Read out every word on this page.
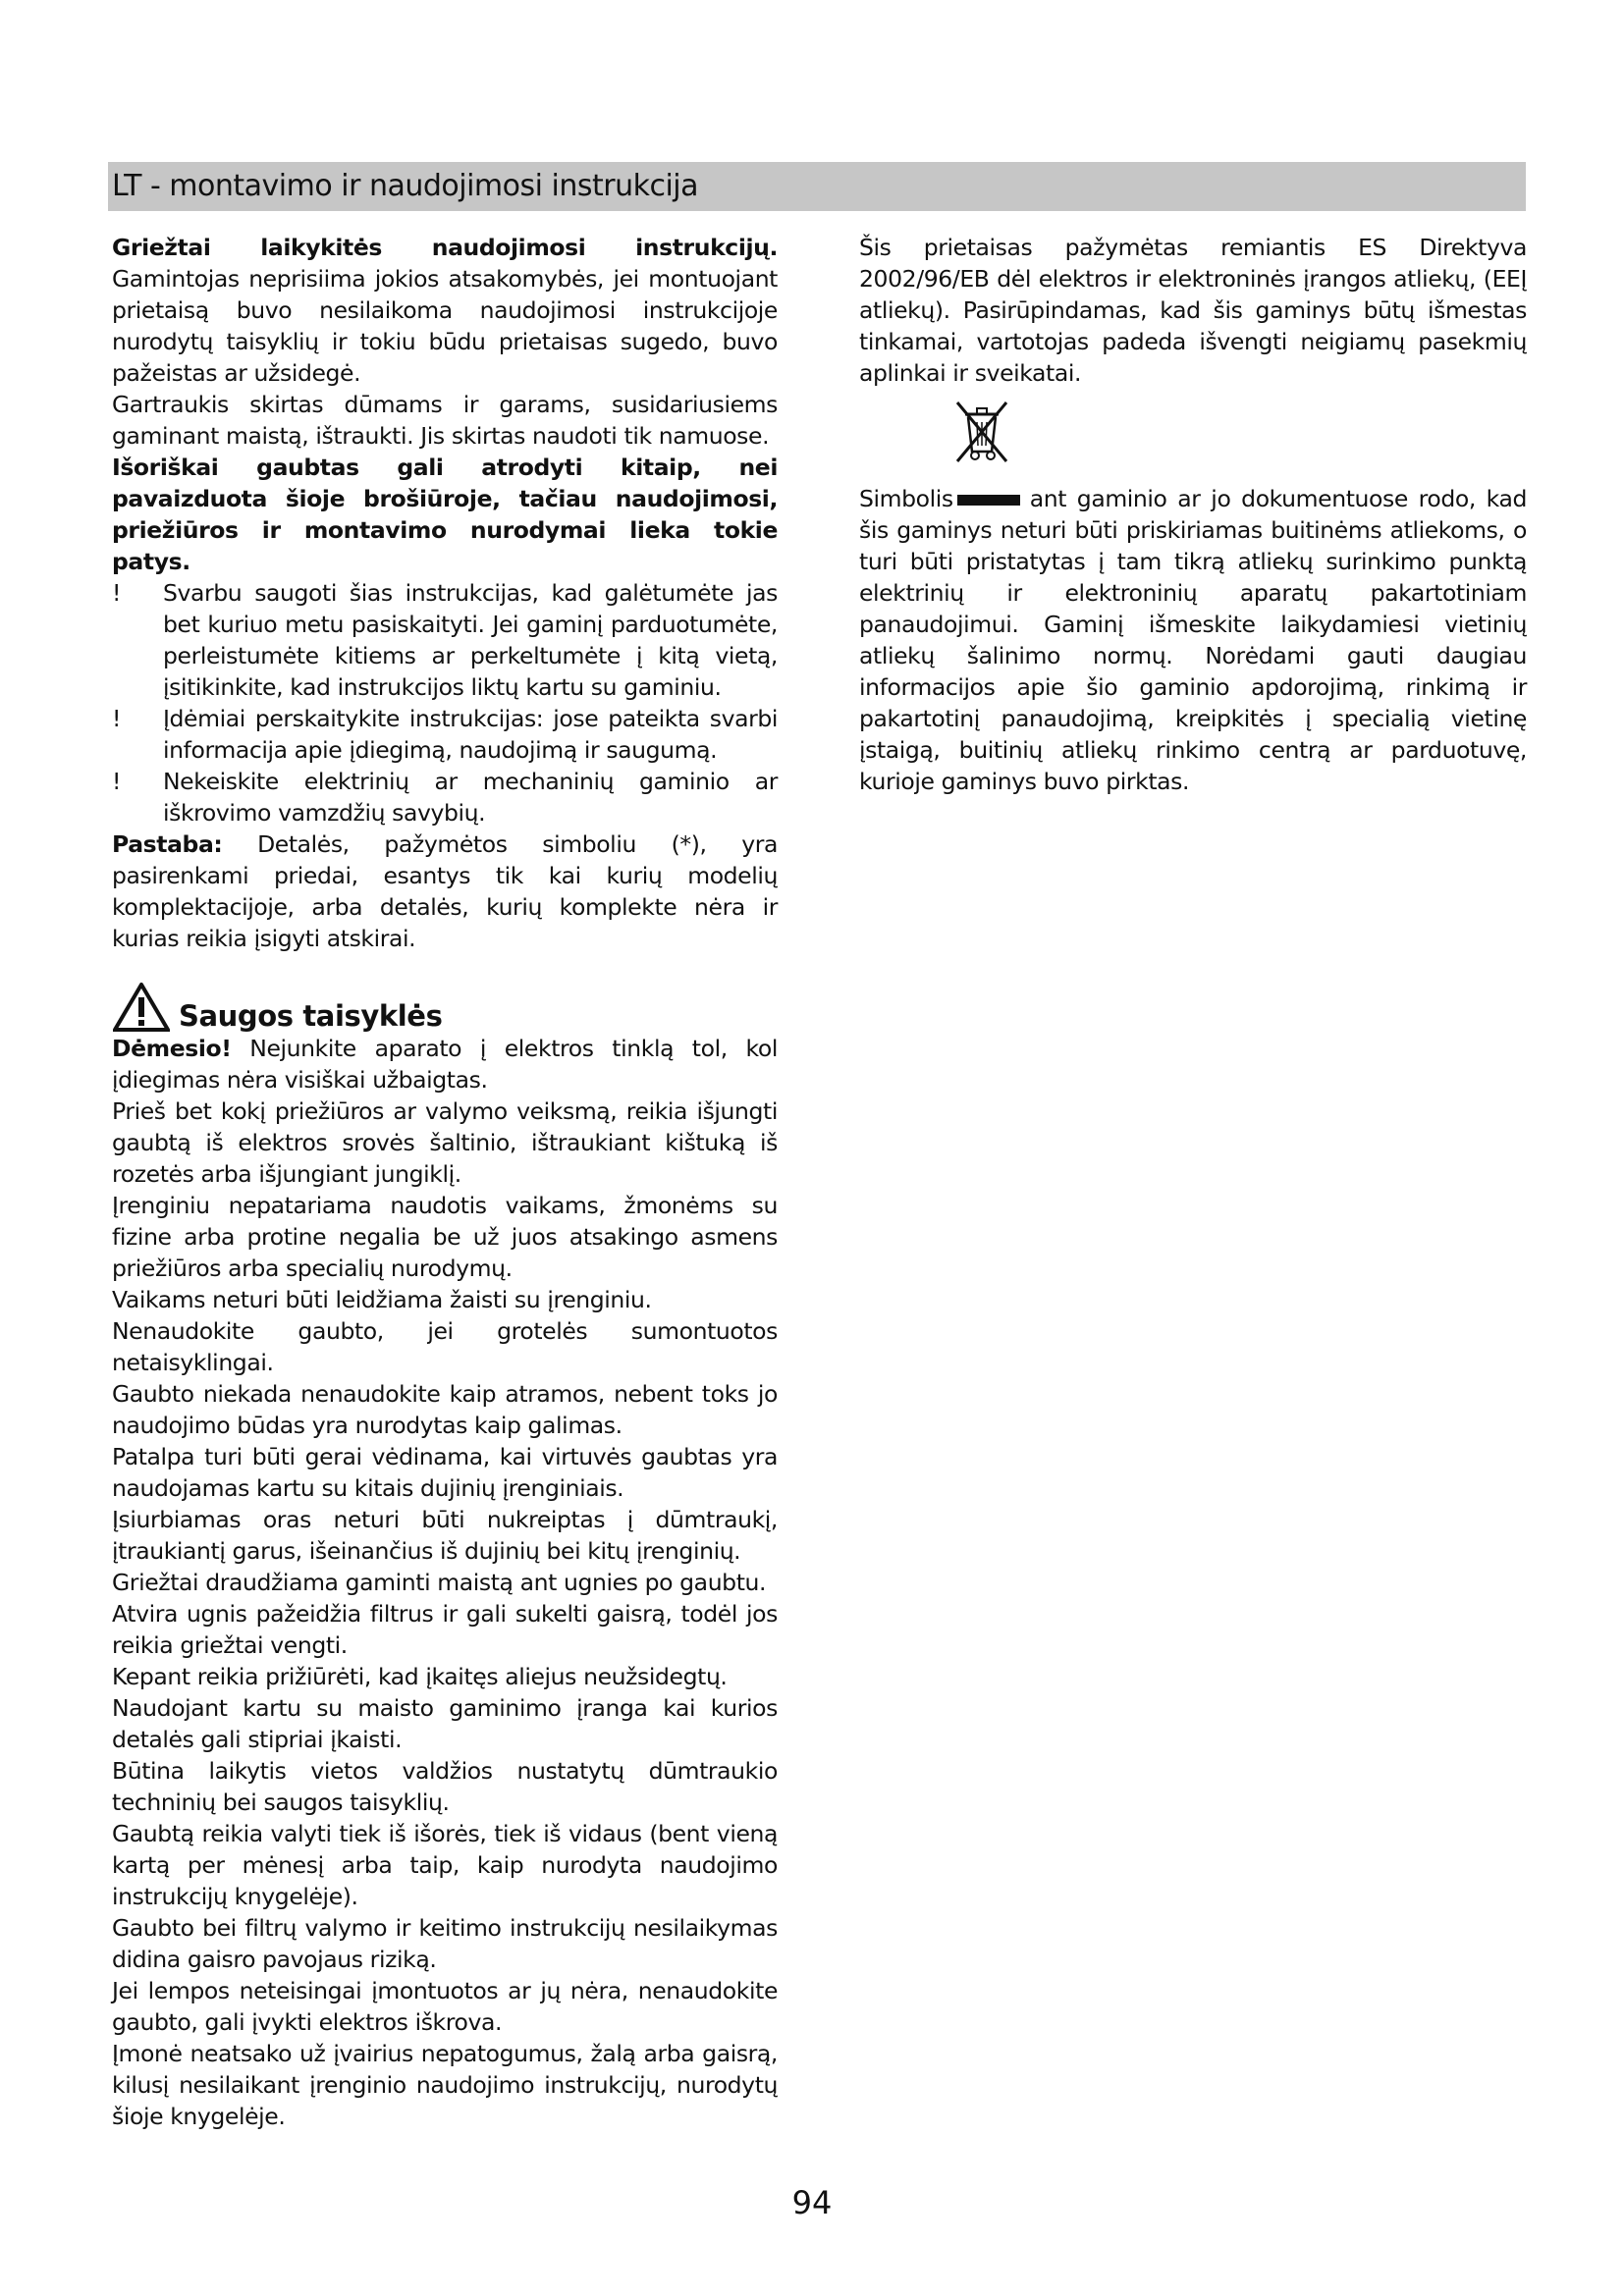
LT - montavimo ir naudojimosi instrukcija

Griežtai laikykitės naudojimosi instrukcijų. Gamintojas neprisiima jokios atsakomybės, jei montuojant prietaisą buvo nesilaikoma naudojimosi instrukcijoje nurodytų taisyklių ir tokiu būdu prietaisas sugedo, buvo pažeistas ar užsidegė.

Gartraukis skirtas dūmams ir garams, susidariusiems gaminant maistą, ištraukti. Jis skirtas naudoti tik namuose.

Išoriškai gaubtas gali atrodyti kitaip, nei pavaizduota šioje brošiūroje, tačiau naudojimosi, priežiūros ir montavimo nurodymai lieka tokie patys.

!	Svarbu saugoti šias instrukcijas, kad galėtumėte jas bet kuriuo metu pasiskaityti. Jei gaminį parduotumėte, perleistumėte kitiems ar perkeltumėte į kitą vietą, įsitikinkite, kad instrukcijos liktų kartu su gaminiu.
!	Įdėmiai perskaitykite instrukcijas: jose pateikta svarbi informacija apie įdiegimą, naudojimą ir saugumą.
!	Nekeiskite elektrinių ar mechaninių gaminio ar iškrovimo vamzdžių savybių.

Pastaba: Detalės, pažymėtos simboliu (*), yra pasirenkami priedai, esantys tik kai kurių modelių komplektacijoje, arba detalės, kurių komplekte nėra ir kurias reikia įsigyti atskirai.

Saugos taisyklės

Dėmesio! Nejunkite aparato į elektros tinklą tol, kol įdiegimas nėra visiškai užbaigtas.

Prieš bet kokį priežiūros ar valymo veiksmą, reikia išjungti gaubtą iš elektros srovės šaltinio, ištraukiant kištuką iš rozetės arba išjungiant jungiklį.

Įrenginiu nepatariama naudotis vaikams, žmonėms su fizine arba protine negalia be už juos atsakingo asmens priežiūros arba specialių nurodymų.

Vaikams neturi būti leidžiama žaisti su įrenginiu.

Nenaudokite gaubto, jei grotelės sumontuotos netaisyklingai.

Gaubto niekada nenaudokite kaip atramos, nebent toks jo naudojimo būdas yra nurodytas kaip galimas.

Patalpa turi būti gerai vėdinama, kai virtuvės gaubtas yra naudojamas kartu su kitais dujinių įrenginiais.

Įsiurbiamas oras neturi būti nukreiptas į dūmtraukį, įtraukiantį garus, išeinančius iš dujinių bei kitų įrenginių.

Griežtai draudžiama gaminti maistą ant ugnies po gaubtu.

Atvira ugnis pažeidžia filtrus ir gali sukelti gaisrą, todėl jos reikia griežtai vengti.

Kepant reikia prižiūrėti, kad įkaitęs aliejus neužsidegtų.

Naudojant kartu su maisto gaminimo įranga kai kurios detalės gali stipriai įkaisti.

Būtina laikytis vietos valdžios nustatytų dūmtraukio techninių bei saugos taisyklių.

Gaubtą reikia valyti tiek iš išorės, tiek iš vidaus (bent vieną kartą per mėnesį arba taip, kaip nurodyta naudojimo instrukcijų knygelėje).

Gaubto bei filtrų valymo ir keitimo instrukcijų nesilaikymas didina gaisro pavojaus riziką.

Jei lempos neteisingai įmontuotos ar jų nėra, nenaudokite gaubto, gali įvykti elektros iškrova.

Įmonė neatsako už įvairius nepatogumus, žalą arba gaisrą, kilusį nesilaikant įrenginio naudojimo instrukcijų, nurodytų šioje knygelėje.

Šis prietaisas pažymėtas remiantis ES Direktyva 2002/96/EB dėl elektros ir elektroninės įrangos atliekų, (EEĮ atliekų). Pasirūpindamas, kad šis gaminys būtų išmestas tinkamai, vartotojas padeda išvengti neigiamų pasekmių aplinkai ir sveikatai.

Simbolis	ant gaminio ar jo dokumentuose rodo, kad šis gaminys neturi būti priskiriamas buitinėms atliekoms, o turi būti pristatytas į tam tikrą atliekų surinkimo punktą elektrinių ir elektroninių aparatų pakartotiniam panaudojimui. Gaminį išmeskite laikydamiesi vietinių atliekų šalinimo normų. Norėdami gauti daugiau informacijos apie šio gaminio apdorojimą, rinkimą ir pakartotinį panaudojimą, kreipkitės į specialią vietinę įstaigą, buitinių atliekų rinkimo centrą ar parduotuvę, kurioje gaminys buvo pirktas.

94
